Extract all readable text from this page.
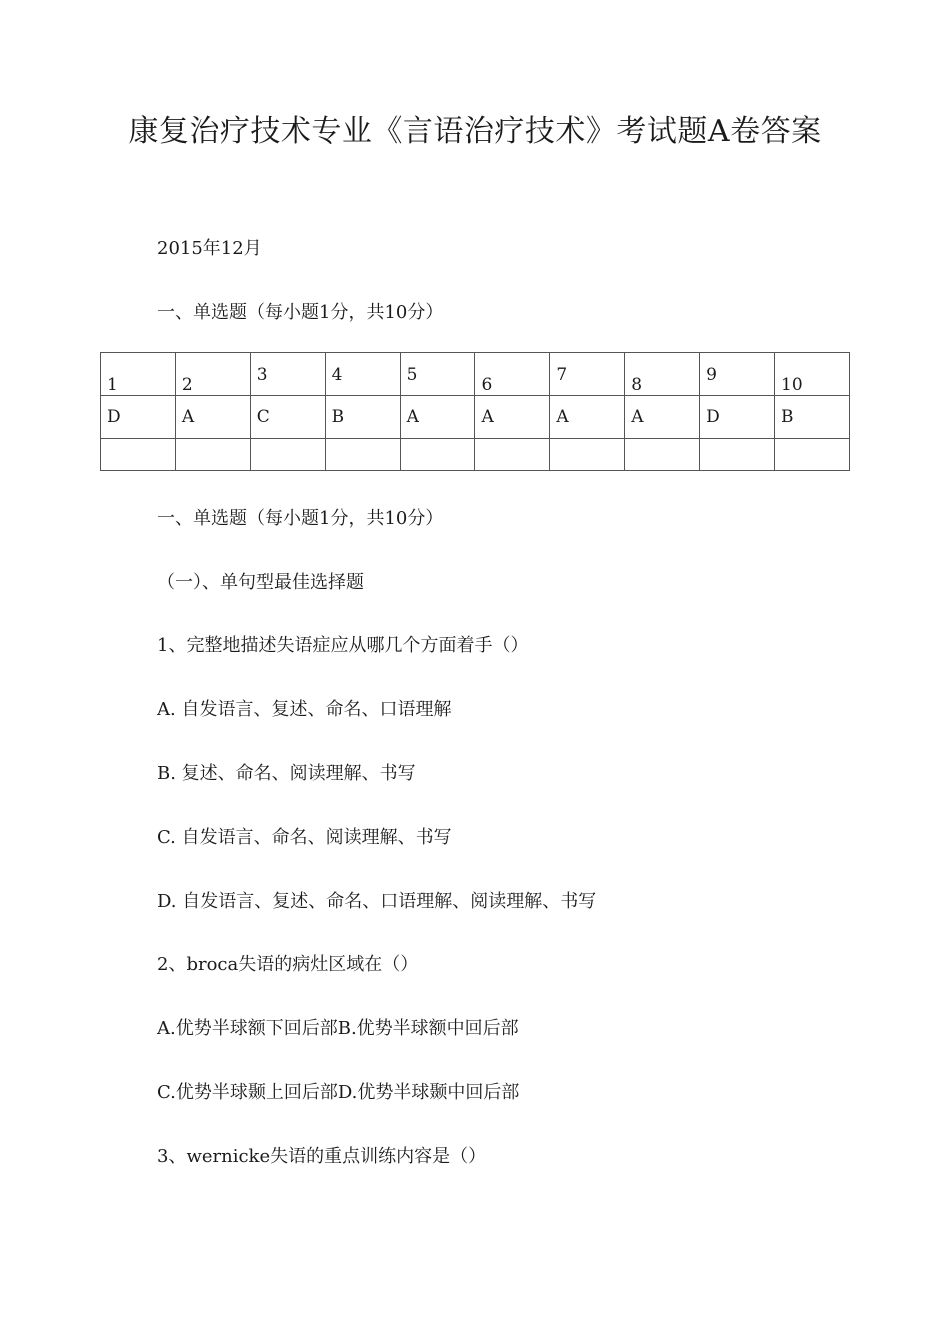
康复治疗技术专业《言语治疗技术》考试题A卷答案
2015年12月
一、单选题（每小题1分，共10分）
1	2	3	4	5	6	7	8	9	10
D	A	C	B	A	A	A	A	D	B

一、单选题（每小题1分，共10分）
（一）、单句型最佳选择题
1、完整地描述失语症应从哪几个方面着手（）
A. 自发语言、复述、命名、口语理解
B. 复述、命名、阅读理解、书写
C. 自发语言、命名、阅读理解、书写
D. 自发语言、复述、命名、口语理解、阅读理解、书写
2、broca失语的病灶区域在（）
A.优势半球额下回后部B.优势半球额中回后部
C.优势半球颞上回后部D.优势半球颞中回后部
3、wernicke失语的重点训练内容是（）
